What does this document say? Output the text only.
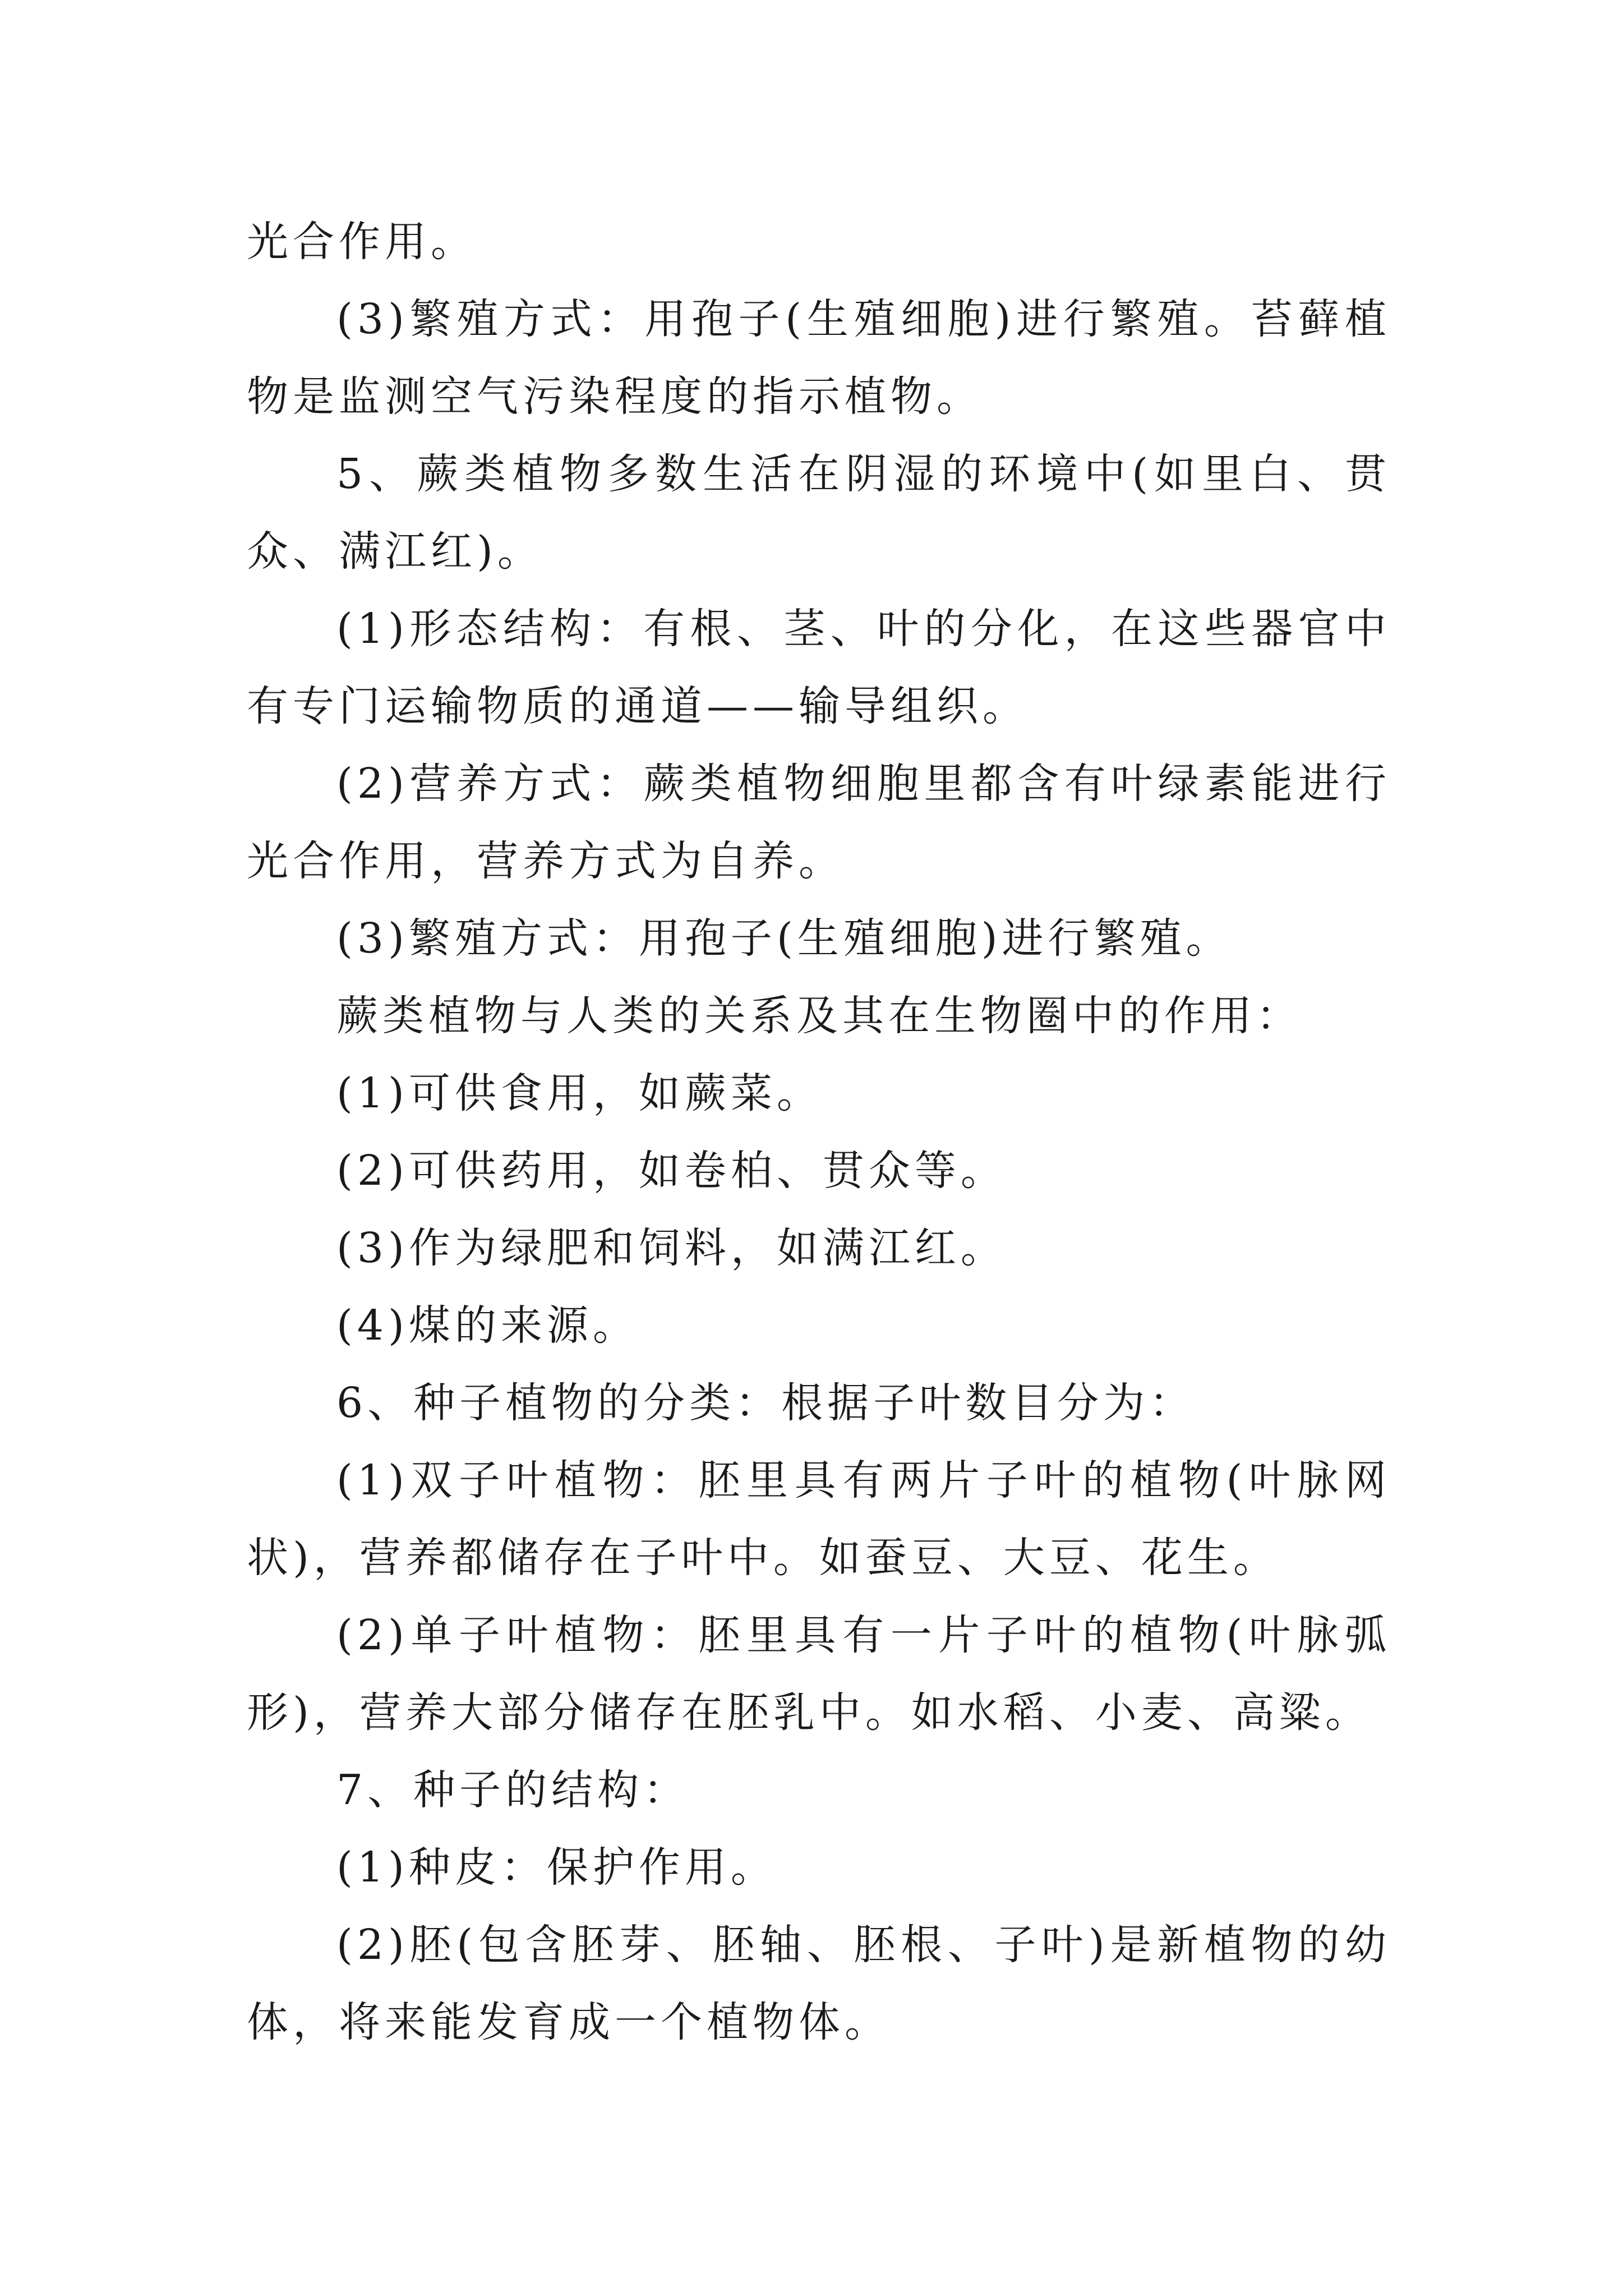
光合作用。

(3)繁殖方式：用孢子(生殖细胞)进行繁殖。苔藓植物是监测空气污染程度的指示植物。

5、蕨类植物多数生活在阴湿的环境中(如里白、贯众、满江红)。

(1)形态结构：有根、茎、叶的分化，在这些器官中有专门运输物质的通道——输导组织。

(2)营养方式：蕨类植物细胞里都含有叶绿素能进行光合作用，营养方式为自养。

(3)繁殖方式：用孢子(生殖细胞)进行繁殖。

蕨类植物与人类的关系及其在生物圈中的作用：

(1)可供食用，如蕨菜。

(2)可供药用，如卷柏、贯众等。

(3)作为绿肥和饲料，如满江红。

(4)煤的来源。

6、种子植物的分类：根据子叶数目分为：

(1)双子叶植物：胚里具有两片子叶的植物(叶脉网状)，营养都储存在子叶中。如蚕豆、大豆、花生。

(2)单子叶植物：胚里具有一片子叶的植物(叶脉弧形)，营养大部分储存在胚乳中。如水稻、小麦、高粱。

7、种子的结构：

(1)种皮：保护作用。

(2)胚(包含胚芽、胚轴、胚根、子叶)是新植物的幼体，将来能发育成一个植物体。
